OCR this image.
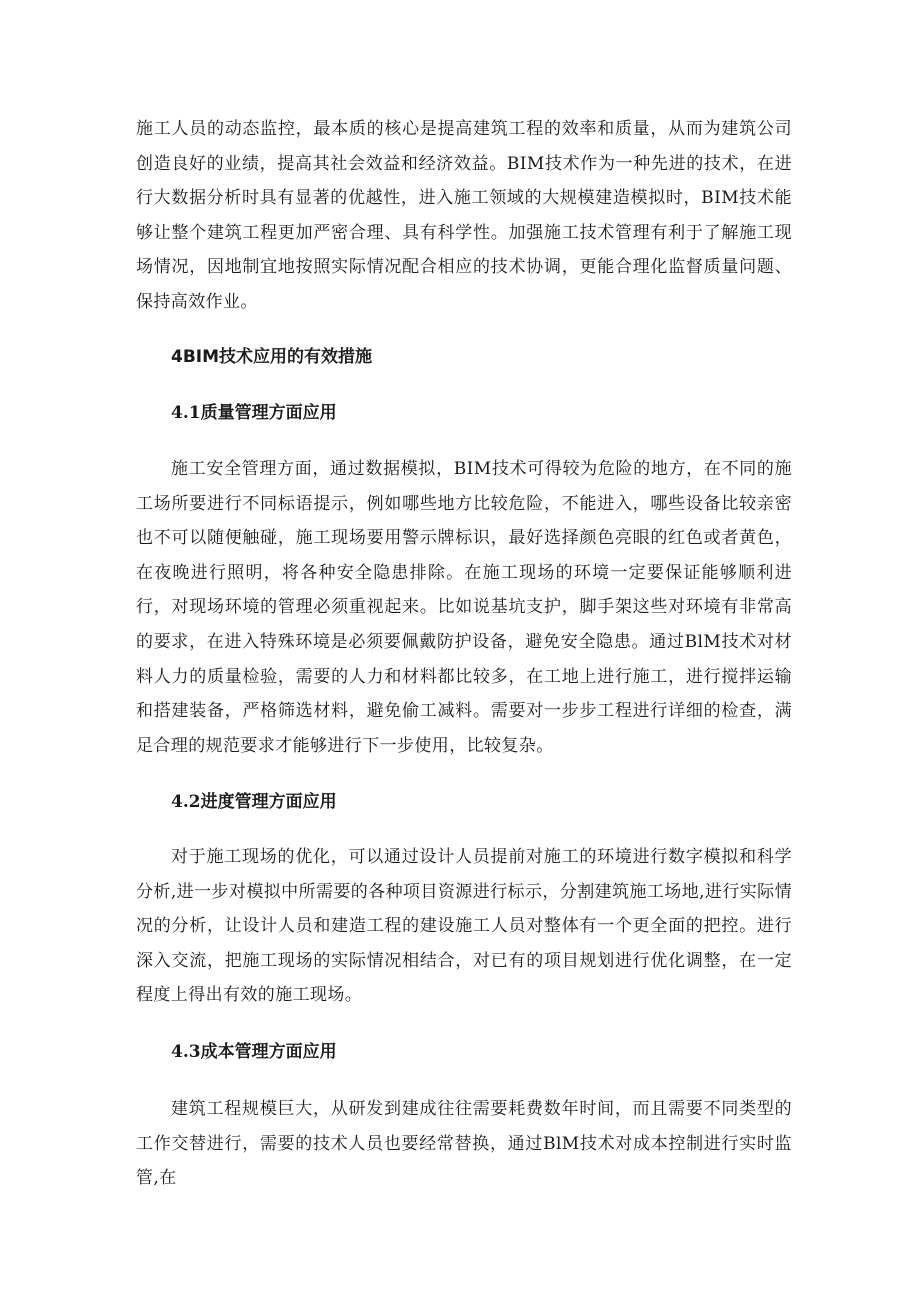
施工人员的动态监控，最本质的核心是提高建筑工程的效率和质量，从而为建筑公司创造良好的业绩，提高其社会效益和经济效益。BIM技术作为一种先进的技术，在进行大数据分析时具有显著的优越性，进入施工领域的大规模建造模拟时，BIM技术能够让整个建筑工程更加严密合理、具有科学性。加强施工技术管理有利于了解施工现场情况，因地制宜地按照实际情况配合相应的技术协调，更能合理化监督质量问题、保持高效作业。

4BIM技术应用的有效措施
4.1质量管理方面应用

施工安全管理方面，通过数据模拟，BIM技术可得较为危险的地方，在不同的施工场所要进行不同标语提示，例如哪些地方比较危险，不能进入，哪些设备比较亲密也不可以随便触碰，施工现场要用警示牌标识，最好选择颜色亮眼的红色或者黄色，在夜晚进行照明，将各种安全隐患排除。在施工现场的环境一定要保证能够顺利进行，对现场环境的管理必须重视起来。比如说基坑支护，脚手架这些对环境有非常高的要求，在进入特殊环境是必须要佩戴防护设备，避免安全隐患。通过BlM技术对材料人力的质量检验，需要的人力和材料都比较多，在工地上进行施工，进行搅拌运输和搭建装备，严格筛选材料，避免偷工减料。需要对一步步工程进行详细的检查，满足合理的规范要求才能够进行下一步使用，比较复杂。

4.2进度管理方面应用

对于施工现场的优化，可以通过设计人员提前对施工的环境进行数字模拟和科学分析,进一步对模拟中所需要的各种项目资源进行标示，分割建筑施工场地,进行实际情况的分析，让设计人员和建造工程的建设施工人员对整体有一个更全面的把控。进行深入交流，把施工现场的实际情况相结合，对已有的项目规划进行优化调整，在一定程度上得出有效的施工现场。

4.3成本管理方面应用

建筑工程规模巨大，从研发到建成往往需要耗费数年时间，而且需要不同类型的工作交替进行，需要的技术人员也要经常替换，通过BlM技术对成本控制进行实时监管,在
